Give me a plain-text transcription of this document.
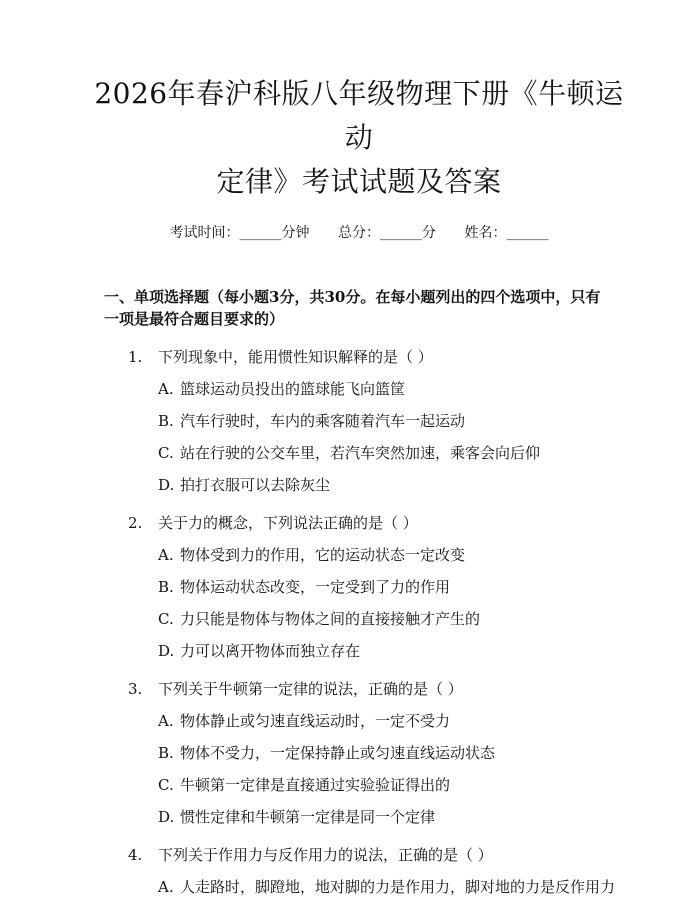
2026年春沪科版八年级物理下册《牛顿运动
定律》考试试题及答案
考试时间：______分钟 总分：______分 姓名：______
一、单项选择题（每小题3分，共30分。在每小题列出的四个选项中，只有一项是最符合题目要求的）
1. 下列现象中，能用惯性知识解释的是（ ）
A. 篮球运动员投出的篮球能飞向篮筐
B. 汽车行驶时，车内的乘客随着汽车一起运动
C. 站在行驶的公交车里，若汽车突然加速，乘客会向后仰
D. 拍打衣服可以去除灰尘
2. 关于力的概念，下列说法正确的是（ ）
A. 物体受到力的作用，它的运动状态一定改变
B. 物体运动状态改变，一定受到了力的作用
C. 力只能是物体与物体之间的直接接触才产生的
D. 力可以离开物体而独立存在
3. 下列关于牛顿第一定律的说法，正确的是（ ）
A. 物体静止或匀速直线运动时，一定不受力
B. 物体不受力，一定保持静止或匀速直线运动状态
C. 牛顿第一定律是直接通过实验验证得出的
D. 惯性定律和牛顿第一定律是同一个定律
4. 下列关于作用力与反作用力的说法，正确的是（ ）
A. 人走路时，脚蹬地，地对脚的力是作用力，脚对地的力是反作用力
